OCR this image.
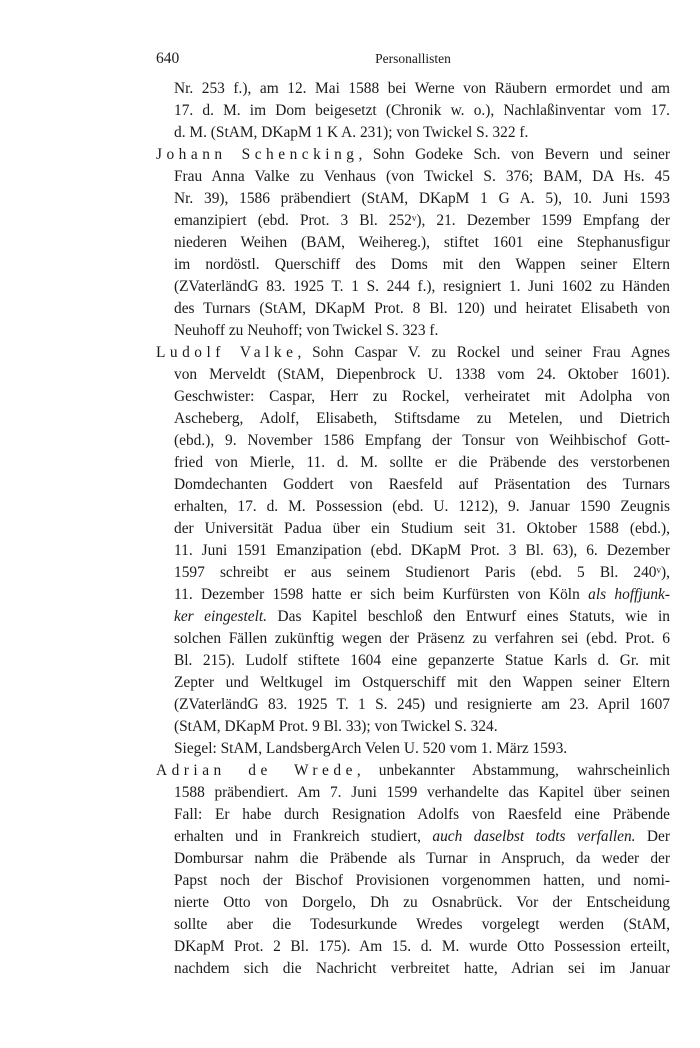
640	Personallisten
Nr. 253 f.), am 12. Mai 1588 bei Werne von Räubern ermordet und am
17. d. M. im Dom beigesetzt (Chronik w. o.), Nachlaßinventar vom 17.
d. M. (StAM, DKapM 1 K A. 231); von Twickel S. 322 f.
Johann Schencking, Sohn Godeke Sch. von Bevern und seiner
Frau Anna Valke zu Venhaus (von Twickel S. 376; BAM, DA Hs. 45
Nr. 39), 1586 präbendiert (StAM, DKapM 1 G A. 5), 10. Juni 1593
emanzipiert (ebd. Prot. 3 Bl. 252ᵛ), 21. Dezember 1599 Empfang der
niederen Weihen (BAM, Weihereg.), stiftet 1601 eine Stephanusfigur
im nordöstl. Querschiff des Doms mit den Wappen seiner Eltern
(ZVaterländG 83. 1925 T. 1 S. 244 f.), resigniert 1. Juni 1602 zu Händen
des Turnars (StAM, DKapM Prot. 8 Bl. 120) und heiratet Elisabeth von
Neuhoff zu Neuhoff; von Twickel S. 323 f.
Ludolf Valke, Sohn Caspar V. zu Rockel und seiner Frau Agnes
von Merveldt (StAM, Diepenbrock U. 1338 vom 24. Oktober 1601).
Geschwister: Caspar, Herr zu Rockel, verheiratet mit Adolpha von
Ascheberg, Adolf, Elisabeth, Stiftsdame zu Metelen, und Dietrich
(ebd.), 9. November 1586 Empfang der Tonsur von Weihbischof Gott-
fried von Mierle, 11. d. M. sollte er die Präbende des verstorbenen
Domdechanten Goddert von Raesfeld auf Präsentation des Turnars
erhalten, 17. d. M. Possession (ebd. U. 1212), 9. Januar 1590 Zeugnis
der Universität Padua über ein Studium seit 31. Oktober 1588 (ebd.),
11. Juni 1591 Emanzipation (ebd. DKapM Prot. 3 Bl. 63), 6. Dezember
1597 schreibt er aus seinem Studienort Paris (ebd. 5 Bl. 240ᵛ),
11. Dezember 1598 hatte er sich beim Kurfürsten von Köln als hoffjunk-
ker eingestelt. Das Kapitel beschloß den Entwurf eines Statuts, wie in
solchen Fällen zukünftig wegen der Präsenz zu verfahren sei (ebd. Prot. 6
Bl. 215). Ludolf stiftete 1604 eine gepanzerte Statue Karls d. Gr. mit
Zepter und Weltkugel im Ostquerschiff mit den Wappen seiner Eltern
(ZVaterländG 83. 1925 T. 1 S. 245) und resignierte am 23. April 1607
(StAM, DKapM Prot. 9 Bl. 33); von Twickel S. 324.
Siegel: StAM, LandsbergArch Velen U. 520 vom 1. März 1593.
Adrian de Wrede, unbekannter Abstammung, wahrscheinlich
1588 präbendiert. Am 7. Juni 1599 verhandelte das Kapitel über seinen
Fall: Er habe durch Resignation Adolfs von Raesfeld eine Präbende
erhalten und in Frankreich studiert, auch daselbst todts verfallen. Der
Dombursar nahm die Präbende als Turnar in Anspruch, da weder der
Papst noch der Bischof Provisionen vorgenommen hatten, und nomi-
nierte Otto von Dorgelo, Dh zu Osnabrück. Vor der Entscheidung
sollte aber die Todesurkunde Wredes vorgelegt werden (StAM,
DKapM Prot. 2 Bl. 175). Am 15. d. M. wurde Otto Possession erteilt,
nachdem sich die Nachricht verbreitet hatte, Adrian sei im Januar
